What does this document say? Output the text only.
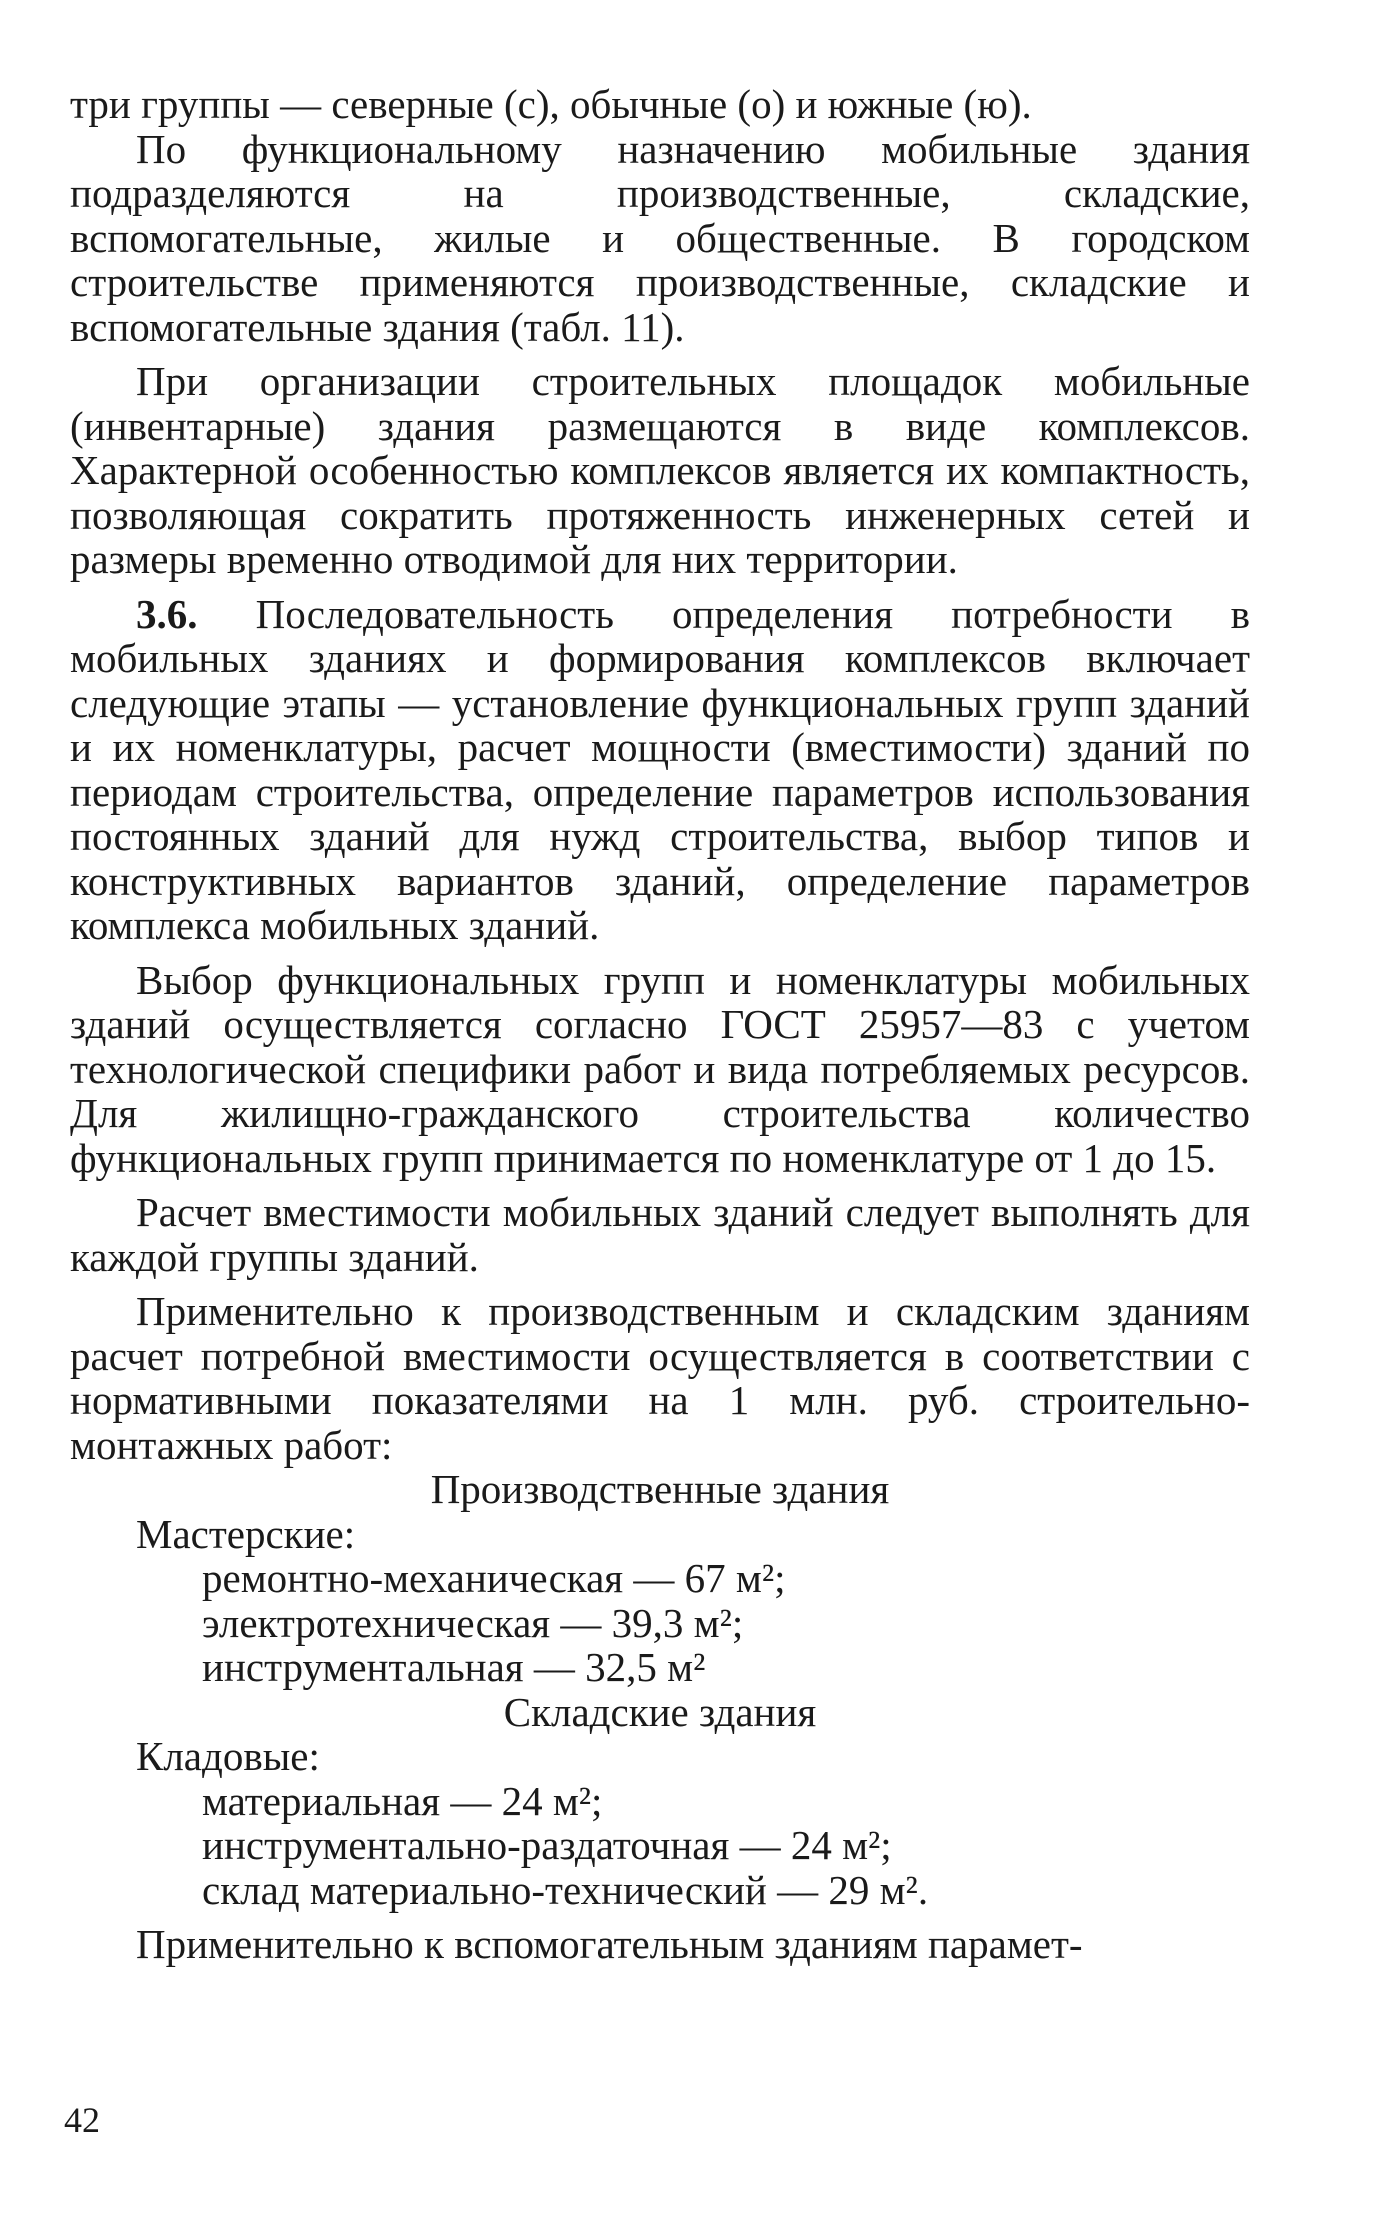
три группы — северные (с), обычные (о) и южные (ю).

По функциональному назначению мобильные здания подразделяются на производственные, складские, вспомогательные, жилые и общественные. В городском строительстве применяются производственные, складские и вспомогательные здания (табл. 11).

При организации строительных площадок мобильные (инвентарные) здания размещаются в виде комплексов. Характерной особенностью комплексов является их компактность, позволяющая сократить протяженность инженерных сетей и размеры временно отводимой для них территории.

3.6. Последовательность определения потребности в мобильных зданиях и формирования комплексов включает следующие этапы — установление функциональных групп зданий и их номенклатуры, расчет мощности (вместимости) зданий по периодам строительства, определение параметров использования постоянных зданий для нужд строительства, выбор типов и конструктивных вариантов зданий, определение параметров комплекса мобильных зданий.

Выбор функциональных групп и номенклатуры мобильных зданий осуществляется согласно ГОСТ 25957—83 с учетом технологической специфики работ и вида потребляемых ресурсов. Для жилищно-гражданского строительства количество функциональных групп принимается по номенклатуре от 1 до 15.

Расчет вместимости мобильных зданий следует выполнять для каждой группы зданий.

Применительно к производственным и складским зданиям расчет потребной вместимости осуществляется в соответствии с нормативными показателями на 1 млн. руб. строительно-монтажных работ:

Производственные здания

Мастерские:

ремонтно-механическая — 67 м²;

электротехническая — 39,3 м²;

инструментальная — 32,5 м²

Складские здания

Кладовые:

материальная — 24 м²;

инструментально-раздаточная — 24 м²;

склад материально-технический — 29 м².

Применительно к вспомогательным зданиям парамет-

42
